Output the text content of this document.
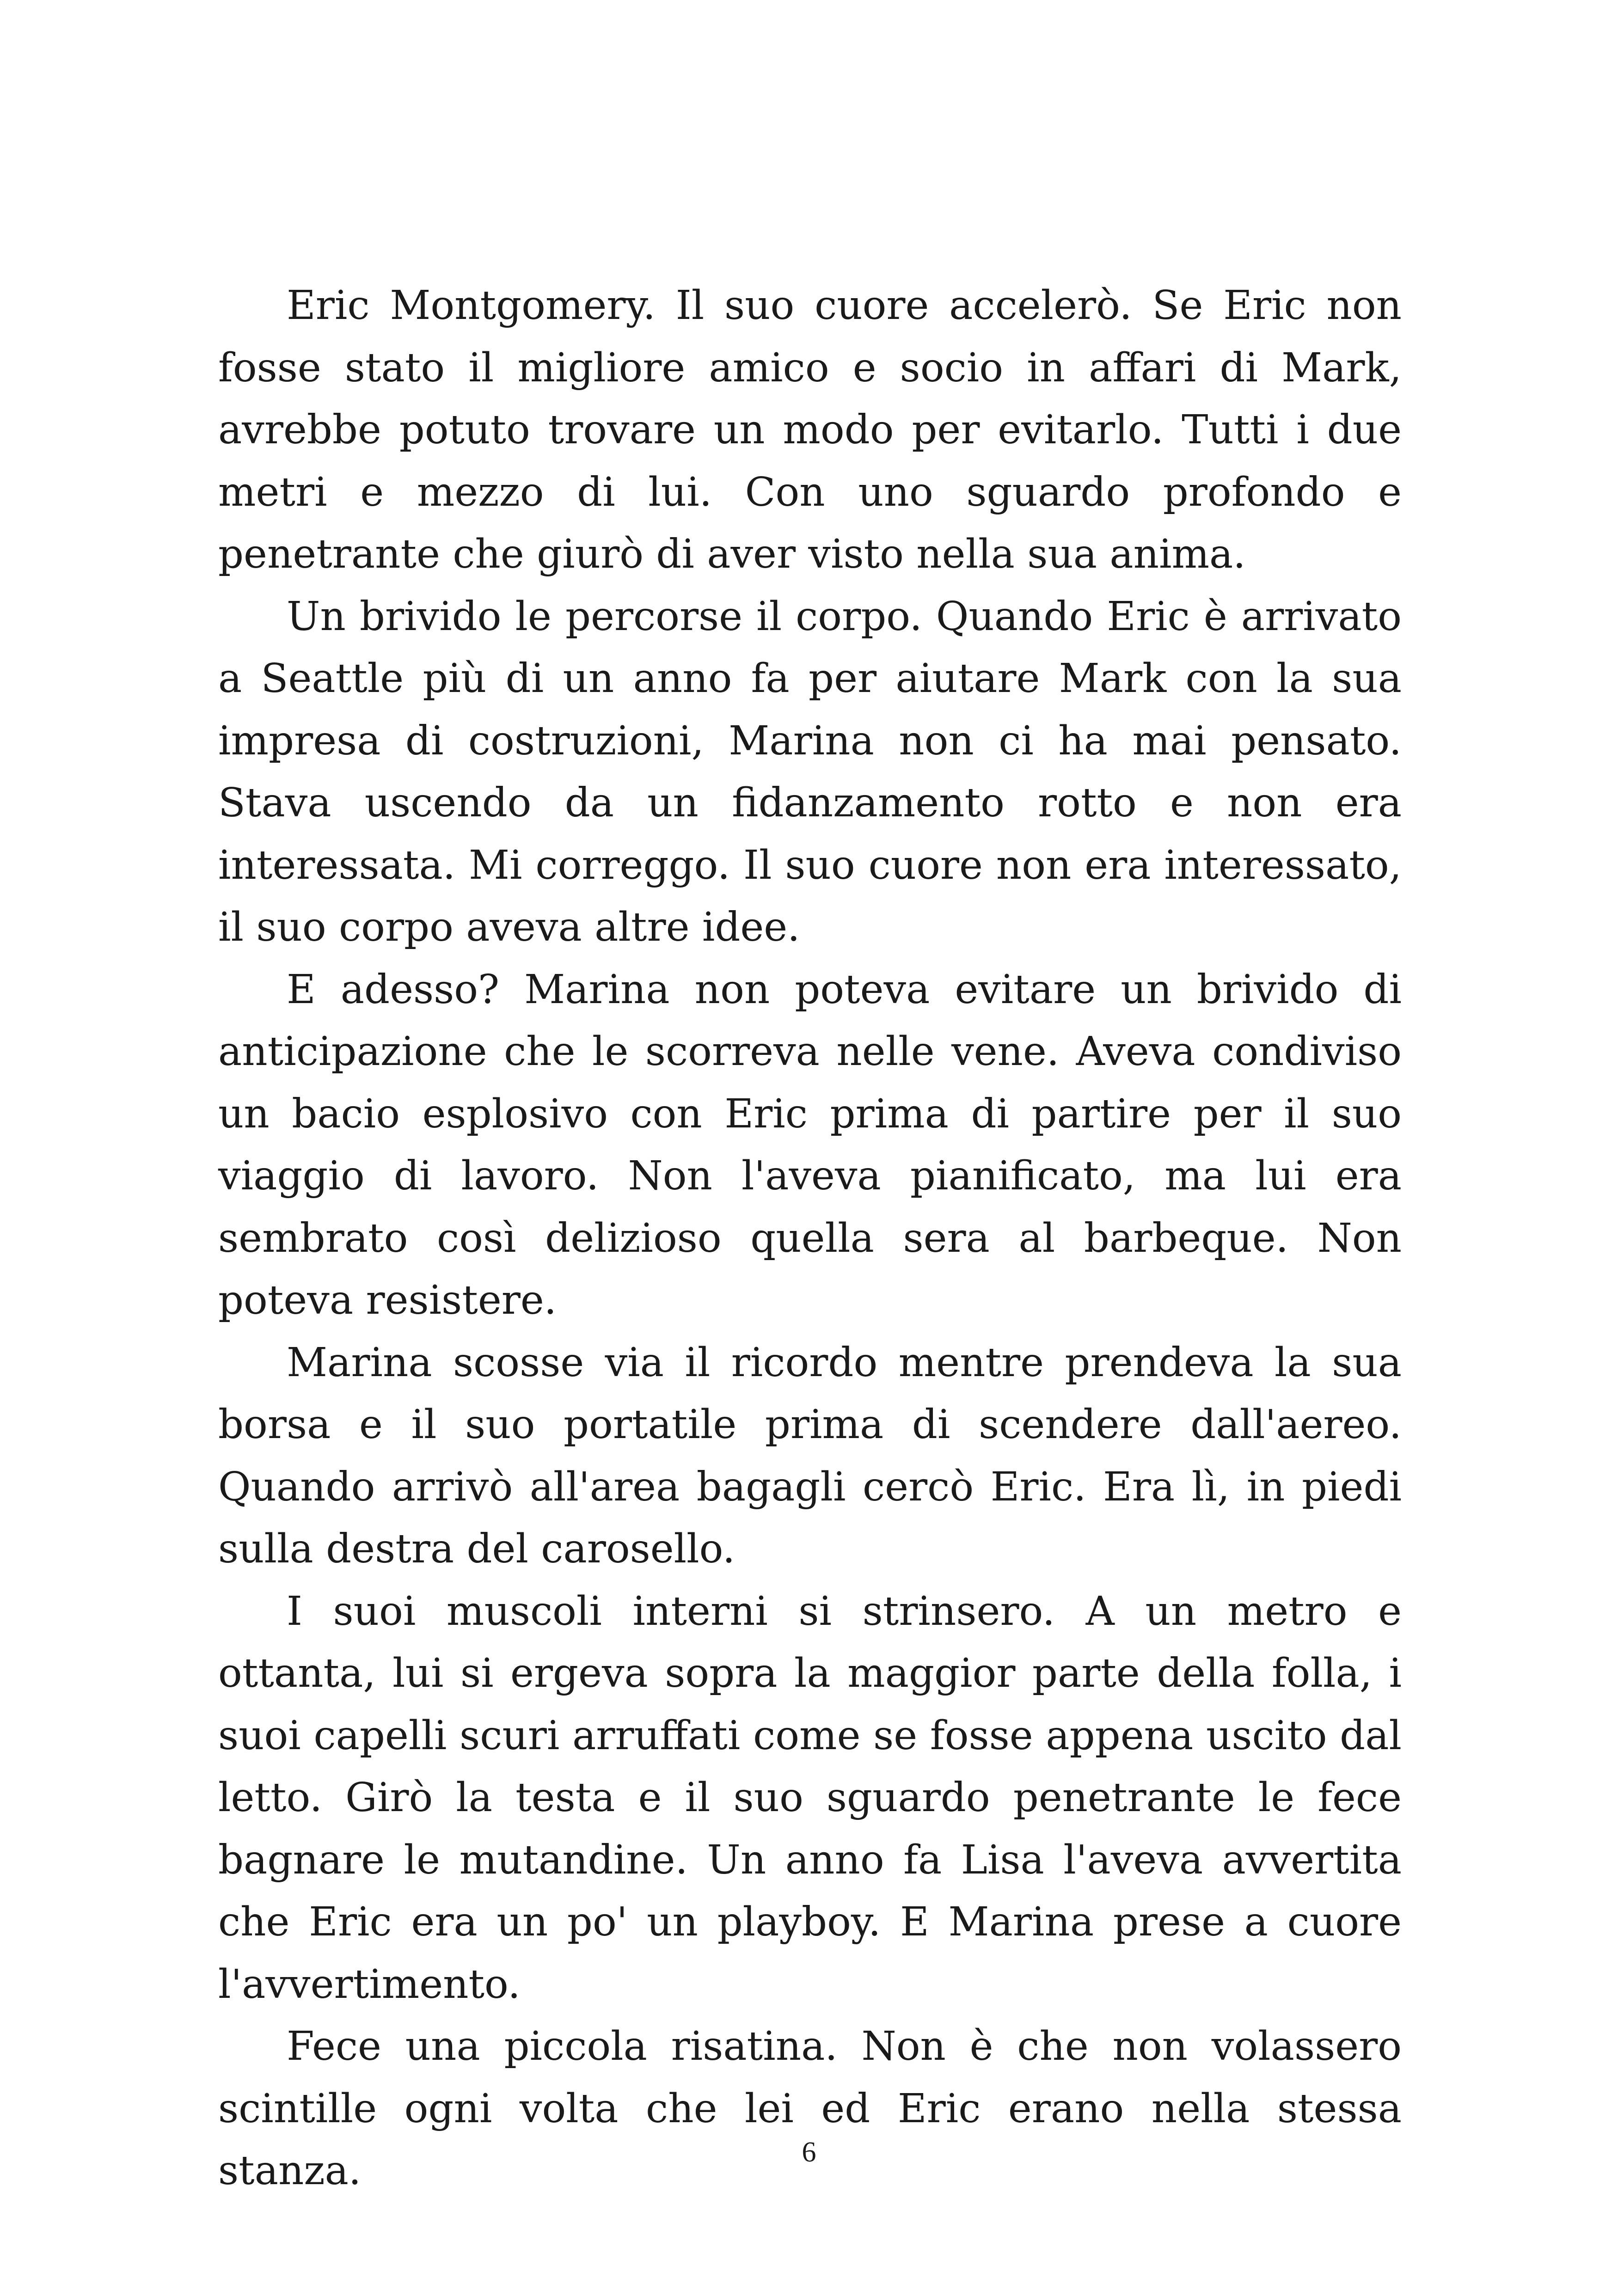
Eric Montgomery. Il suo cuore accelerò. Se Eric non fosse stato il migliore amico e socio in affari di Mark, avrebbe potuto trovare un modo per evitarlo. Tutti i due metri e mezzo di lui. Con uno sguardo profondo e penetrante che giurò di aver visto nella sua anima.

Un brivido le percorse il corpo. Quando Eric è arrivato a Seattle più di un anno fa per aiutare Mark con la sua impresa di costruzioni, Marina non ci ha mai pensato. Stava uscendo da un fidanzamento rotto e non era interessata. Mi correggo. Il suo cuore non era interessato, il suo corpo aveva altre idee.

E adesso? Marina non poteva evitare un brivido di anticipazione che le scorreva nelle vene. Aveva condiviso un bacio esplosivo con Eric prima di partire per il suo viaggio di lavoro. Non l'aveva pianificato, ma lui era sembrato così delizioso quella sera al barbeque. Non poteva resistere.

Marina scosse via il ricordo mentre prendeva la sua borsa e il suo portatile prima di scendere dall'aereo. Quando arrivò all'area bagagli cercò Eric. Era lì, in piedi sulla destra del carosello.

I suoi muscoli interni si strinsero. A un metro e ottanta, lui si ergeva sopra la maggior parte della folla, i suoi capelli scuri arruffati come se fosse appena uscito dal letto. Girò la testa e il suo sguardo penetrante le fece bagnare le mutandine. Un anno fa Lisa l'aveva avvertita che Eric era un po' un playboy. E Marina prese a cuore l'avvertimento.

Fece una piccola risatina. Non è che non volassero scintille ogni volta che lei ed Eric erano nella stessa stanza.	6
